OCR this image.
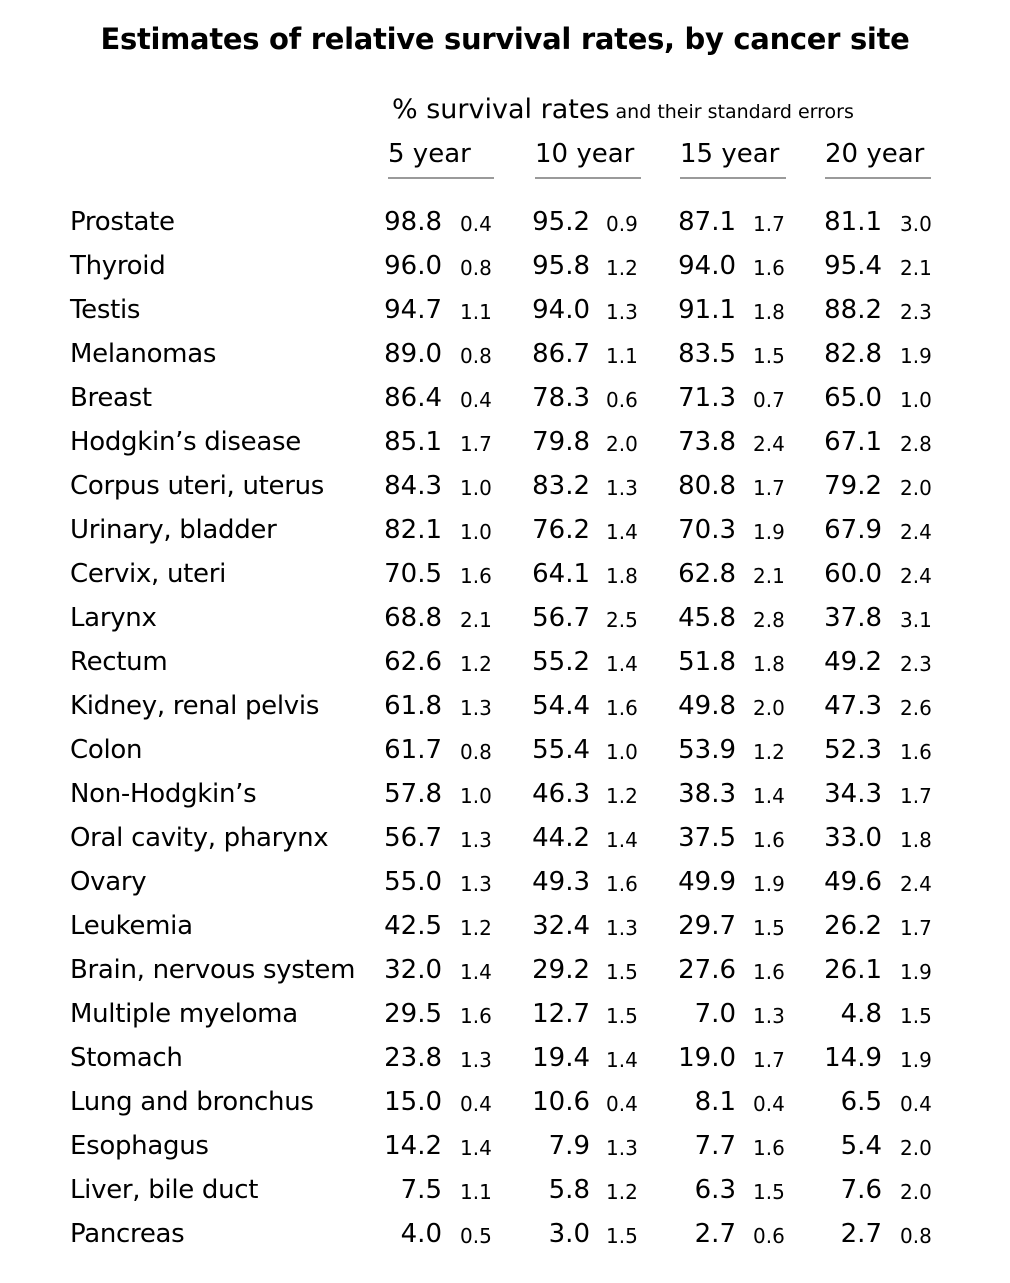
Estimates of relative survival rates, by cancer site
% survival rates and their standard errors
5 year	10 year 15 year 20 year
Prostate	98.8 0.4	95.2 0.9	87.1 1.7	81.1 3.0
Thyroid	96.0 0.8	95.8 1.2	94.0 1.6	95.4 2.1
Testis	94.7 1.1	94.0 1.3	91.1 1.8	88.2 2.3
Melanomas	89.0 0.8	86.7 1.1	83.5 1.5	82.8 1.9
Breast	86.4 0.4	78.3 0.6	71.3 0.7	65.0 1.0
Hodgkin’s disease	85.1 1.7	79.8 2.0	73.8 2.4	67.1 2.8
Corpus uteri, uterus	84.3 1.0	83.2 1.3	80.8 1.7	79.2 2.0
Urinary, bladder	82.1 1.0	76.2 1.4	70.3 1.9	67.9 2.4
Cervix, uteri	70.5 1.6	64.1 1.8	62.8 2.1	60.0 2.4
Larynx	68.8 2.1	56.7 2.5	45.8 2.8	37.8 3.1
Rectum	62.6 1.2	55.2 1.4	51.8 1.8	49.2 2.3
Kidney, renal pelvis	61.8 1.3	54.4 1.6	49.8 2.0	47.3 2.6
Colon	61.7 0.8	55.4 1.0	53.9 1.2	52.3 1.6
Non-Hodgkin’s	57.8 1.0	46.3 1.2	38.3 1.4	34.3 1.7
Oral cavity, pharynx	56.7 1.3	44.2 1.4	37.5 1.6	33.0 1.8
Ovary	55.0 1.3	49.3 1.6	49.9 1.9	49.6 2.4
Leukemia	42.5 1.2	32.4 1.3	29.7 1.5	26.2 1.7
Brain, nervous system	32.0 1.4	29.2 1.5	27.6 1.6	26.1 1.9
Multiple myeloma	29.5 1.6	12.7 1.5	7.0 1.3	4.8 1.5
Stomach	23.8 1.3	19.4 1.4	19.0 1.7	14.9 1.9
Lung and bronchus	15.0 0.4	10.6 0.4	8.1 0.4	6.5 0.4
Esophagus	14.2 1.4	7.9 1.3	7.7 1.6	5.4 2.0
Liver, bile duct	7.5 1.1	5.8 1.2	6.3 1.5	7.6 2.0
Pancreas	4.0 0.5	3.0 1.5	2.7 0.6	2.7 0.8
